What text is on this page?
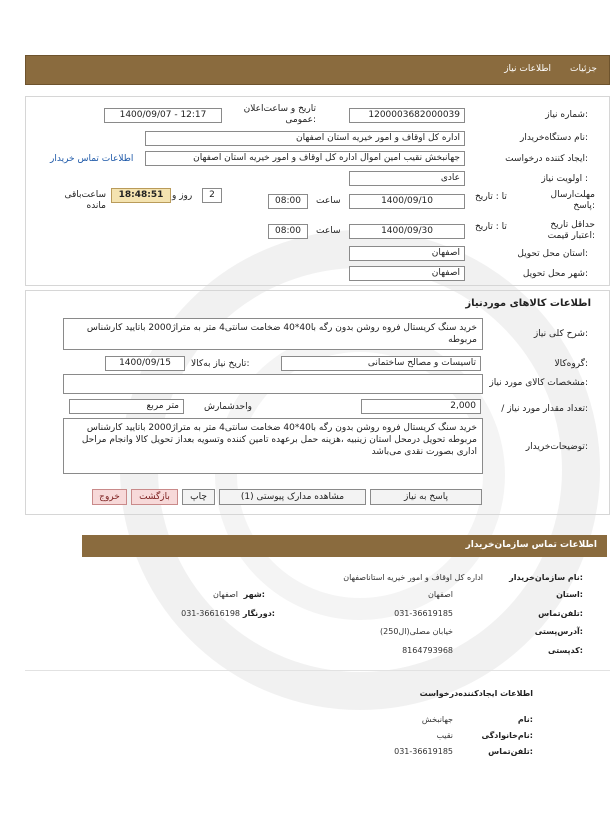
جزئیات
اطلاعات نیاز
شماره نیاز:
1200003682000039
تاریخ و ساعت‌اعلان عمومی:
1400/09/07 - 12:17
نام دستگاه‌خریدار:
اداره کل اوقاف و امور خیریه استان اصفهان
ایجاد کننده درخواست:
جهانبخش نقیب امین اموال اداره کل اوقاف و امور خیریه استان اصفهان
اطلاعات تماس خریدار
اولویت نیاز :
عادی
مهلت‌ارسال پاسخ:
تا : تاریخ
1400/09/10
ساعت
08:00
2
روز و
18:48:51
ساعت‌باقی مانده
حداقل تاریخ اعتبار قیمت:
تا : تاریخ
1400/09/30
ساعت
08:00
استان محل تحویل:
اصفهان
شهر محل تحویل:
اصفهان
اطلاعات کالاهای موردنیاز
شرح کلی نیاز:
خرید سنگ کریستال فروه روشن بدون رگه با40*40 ضخامت سانتی4 متر به متراژ2000 باتایید کارشناس مربوطه
گروه‌کالا:
تاسیسات و مصالح ساختمانی
تاریخ نیاز به‌کالا:
1400/09/15
مشخصات کالای مورد نیاز:
/ تعداد مقدار مورد نیاز:
2,000
واحد‌شمارش
متر مربع
توضیحات‌خریدار:
خرید سنگ کریستال فروه روشن بدون رگه با40*40 ضخامت سانتی4 متر به متراژ2000 باتایید کارشناس مربوطه تحویل درمحل استان زینبیه ،هزینه حمل برعهده تامین کننده وتسویه بعداز تحویل کالا وانجام مراحل اداری بصورت نقدی می‌باشد
پاسخ به نیاز
مشاهده مدارک پیوستی (1)
چاپ
بازگشت
خروج
اطلاعات تماس سازمان‌خریدار
نام سازمان‌خریدار:
اداره کل اوقاف و امور خیریه استاناصفهان
استان:
اصفهان
شهر:
اصفهان
تلفن‌تماس:
031-36619185
دورنگار:
031-36616198
آدرس‌پستی:
خیابان مصلی(ال250)
کدپستی:
8164793968
اطلاعات ایجادکننده‌درخواست
نام:
جهانبخش
نام‌خانوادگی:
نقیب
تلفن‌تماس:
031-36619185
